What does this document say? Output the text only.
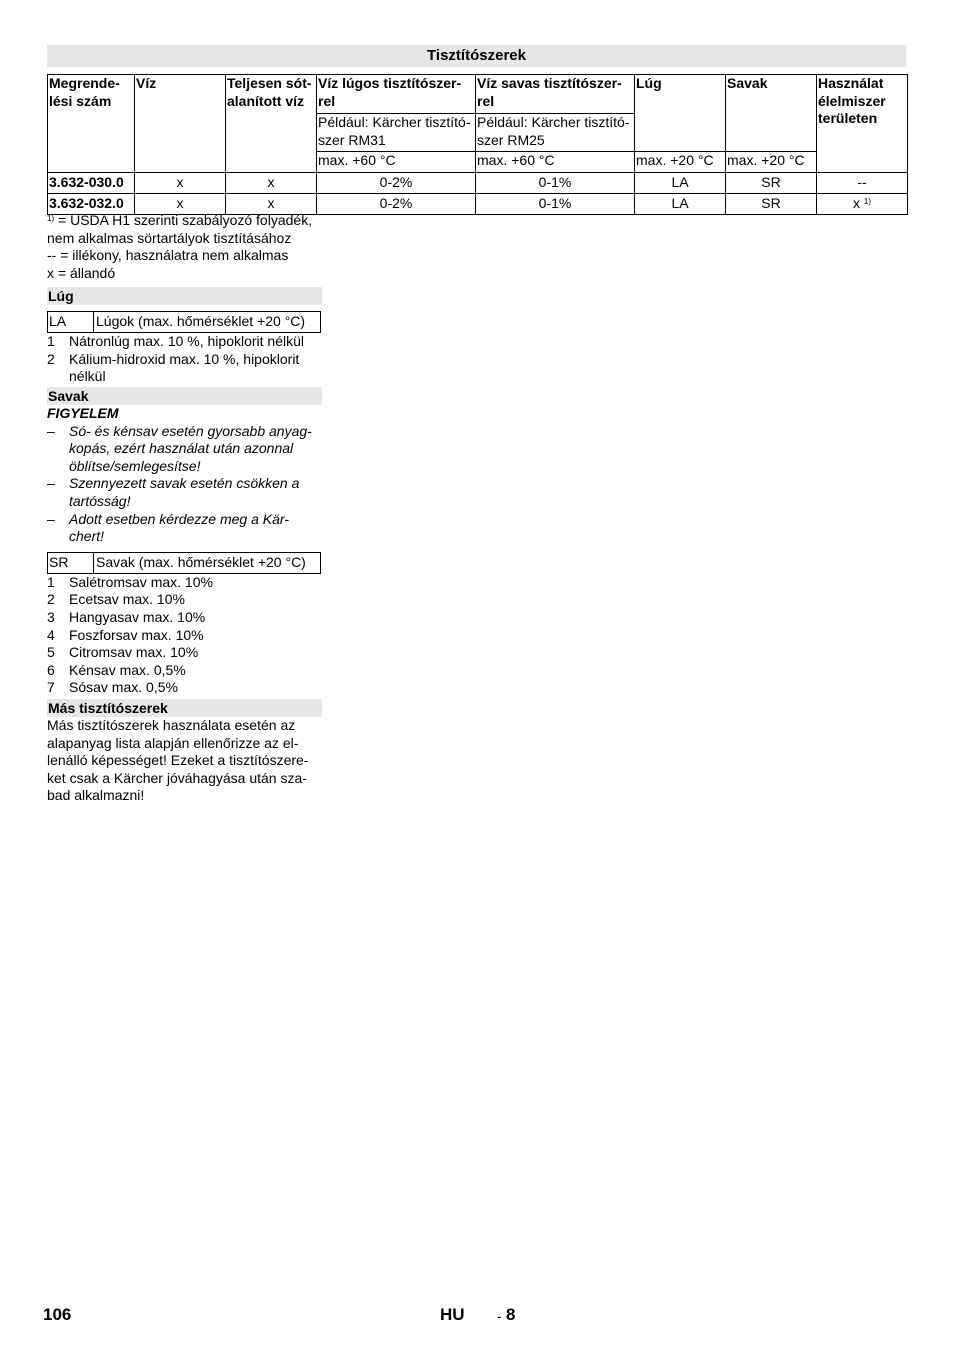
Tisztítószerek
Megrende-lési szám	Víz	Teljesen sót-alanított víz	Víz lúgos tisztítószer-rel	Víz savas tisztítószer-rel	Lúg	Savak	Használat élelmiszer területen
			Például: Kärcher tisztító-szer RM31	Például: Kärcher tisztító-szer RM25			
			max. +60 °C	max. +60 °C	max. +20 °C	max. +20 °C	
3.632-030.0	x	x	0-2%	0-1%	LA	SR	--
3.632-032.0	x	x	0-2%	0-1%	LA	SR	x $^{1)}$
$^{1)}$ = USDA H1 szerinti szabályozó folyadék,
nem alkalmas sörtartályok tisztításához
-- = illékony, használatra nem alkalmas
x = állandó
Lúg
LA	Lúgok (max. hőmérséklet +20 °C)
1	Nátronlúg max. 10 %, hipoklorit nélkül
2	Kálium-hidroxid max. 10 %, hipoklorit nélkül
Savak
FIGYELEM
–	Só- és kénsav esetén gyorsabb anyag-kopás, ezért használat után azonnal öblítse/semlegesítse!
–	Szennyezett savak esetén csökken a tartósság!
–	Adott esetben kérdezze meg a Kär-chert!
SR	Savak (max. hőmérséklet +20 °C)
1	Salétromsav max. 10%
2	Ecetsav max. 10%
3	Hangyasav max. 10%
4	Foszforsav max. 10%
5	Citromsav max. 10%
6	Kénsav max. 0,5%
7	Sósav max. 0,5%
Más tisztítószerek
Más tisztítószerek használata esetén az alapanyag lista alapján ellenőrizze az el-lenálló képességet! Ezeket a tisztítószere-ket csak a Kärcher jóváhagyása után sza-bad alkalmazni!
106	HU - 8
